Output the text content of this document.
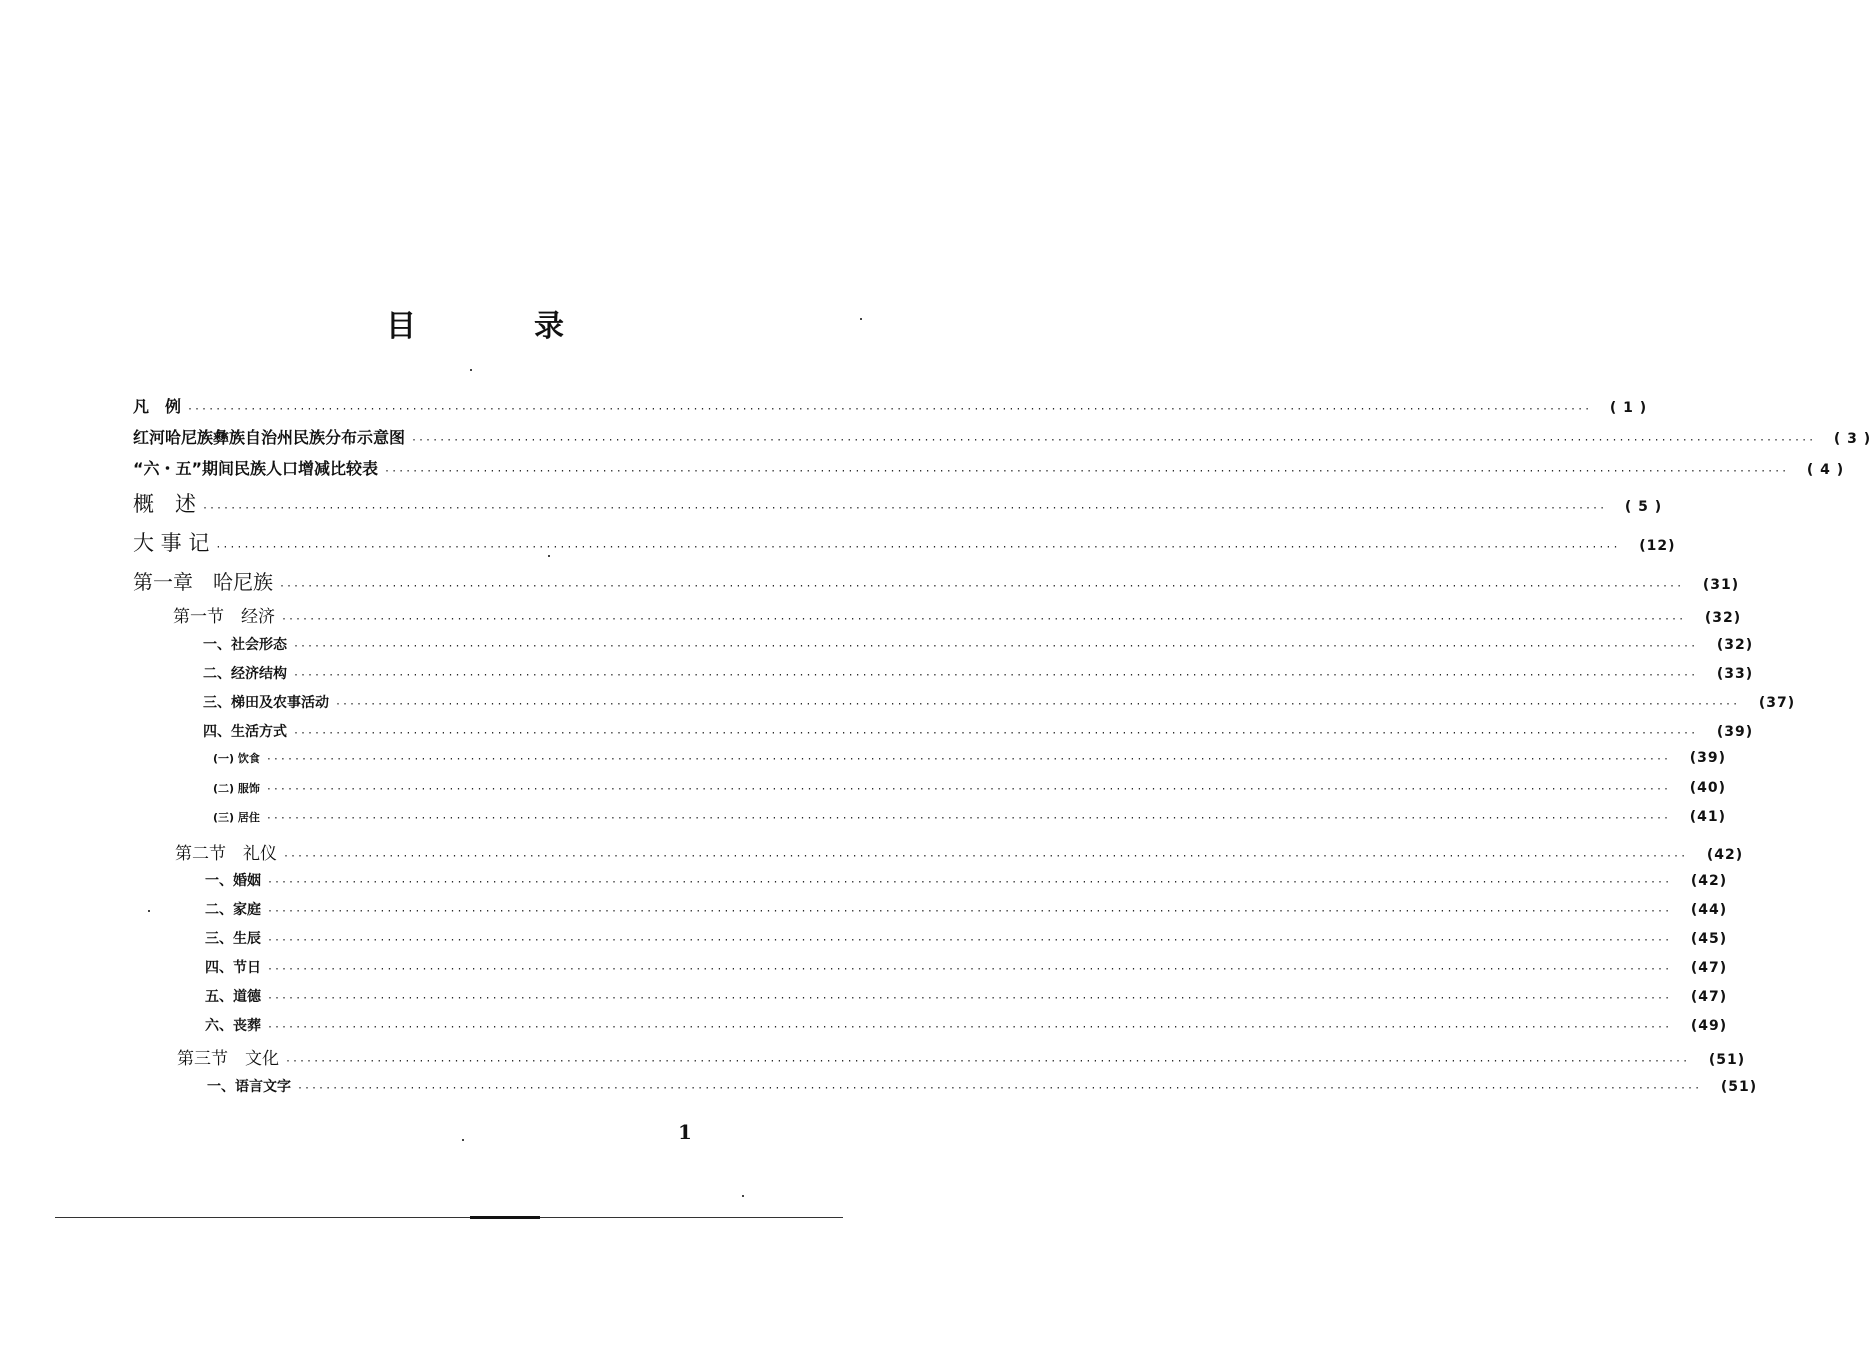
目　录
凡　例 ········································································································································································································	( 1 )
红河哈尼族彝族自治州民族分布示意图 ········································································································································································································	( 3 )
“六・五”期间民族人口增减比较表 ········································································································································································································	( 4 )
概　述 ········································································································································································································	( 5 )
大 事 记 ········································································································································································································	(12)
第一章　哈尼族 ········································································································································································································	(31)
第一节　经济 ········································································································································································································	(32)
一、社会形态 ········································································································································································································	(32)
二、经济结构 ········································································································································································································	(33)
三、梯田及农事活动 ········································································································································································································	(37)
四、生活方式 ········································································································································································································	(39)
(一) 饮食 ········································································································································································································	(39)
(二) 服饰 ········································································································································································································	(40)
(三) 居住 ········································································································································································································	(41)
第二节　礼仪 ········································································································································································································	(42)
一、婚姻 ········································································································································································································	(42)
二、家庭 ········································································································································································································	(44)
三、生辰 ········································································································································································································	(45)
四、节日 ········································································································································································································	(47)
五、道德 ········································································································································································································	(47)
六、丧葬 ········································································································································································································	(49)
第三节　文化 ········································································································································································································	(51)
一、语言文字 ········································································································································································································	(51)
1
